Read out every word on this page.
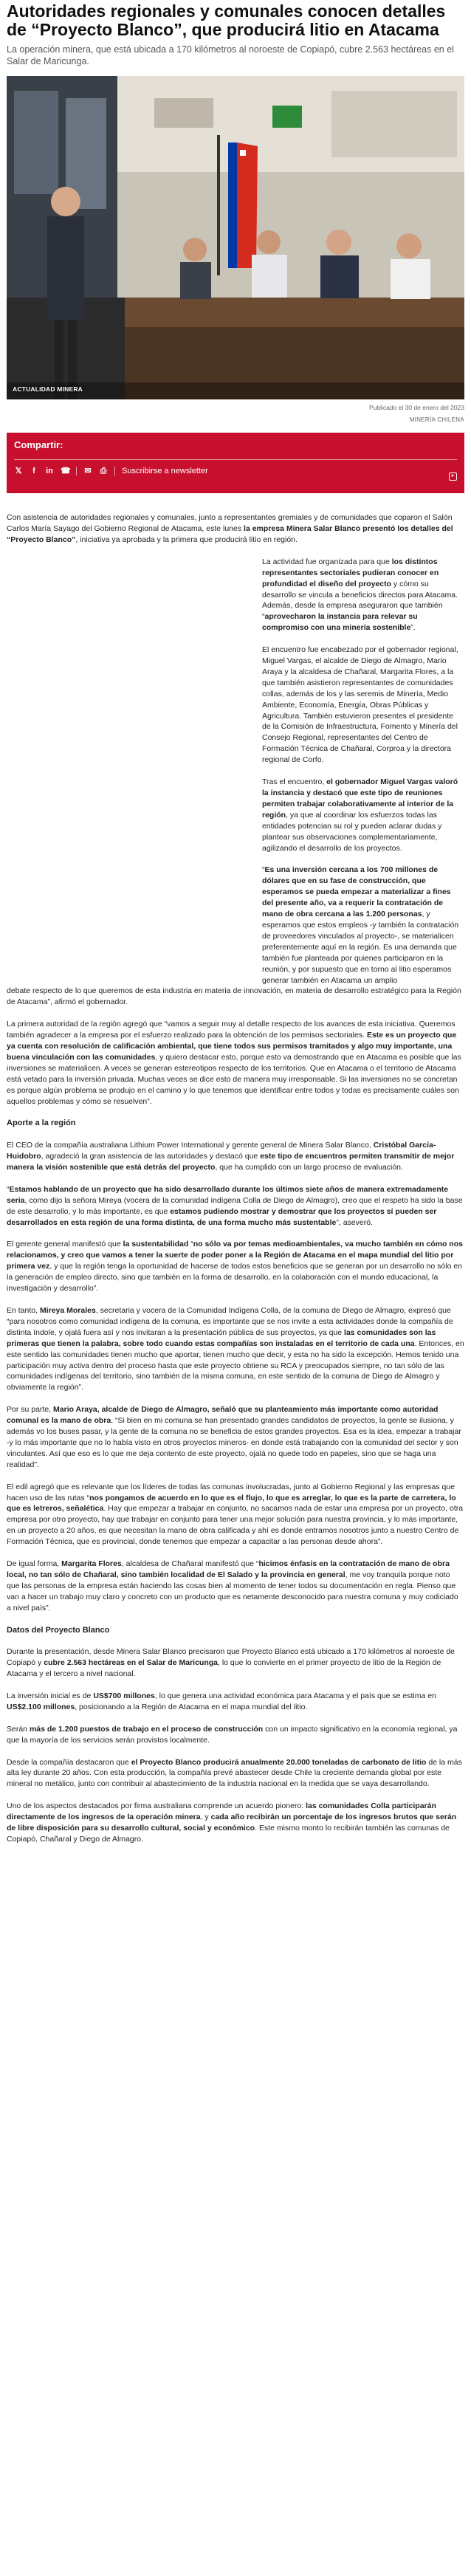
Autoridades regionales y comunales conocen detalles de “Proyecto Blanco”, que producirá litio en Atacama

La operación minera, que está ubicada a 170 kilómetros al noroeste de Copiapó, cubre 2.563 hectáreas en el Salar de Maricunga.

ACTUALIDAD MINERA
Publicado el 30 de enero del 2023
MINERÍA CHILENA
Compartir:
𝕏	f	in ☎ ✉ ⎙ Suscribirse a newsletter
▸

Con asistencia de autoridades regionales y comunales, junto a representantes gremiales y de comunidades que coparon el Salón Carlos María Sayago del Gobierno Regional de Atacama, este lunes la empresa Minera Salar Blanco presentó los detalles del “Proyecto Blanco”, iniciativa ya aprobada y la primera que producirá litio en región.

La actividad fue organizada para que los distintos representantes sectoriales pudieran conocer en profundidad el diseño del proyecto y cómo su desarrollo se vincula a beneficios directos para Atacama. Además, desde la empresa aseguraron que también “aprovecharon la instancia para relevar su compromiso con una minería sostenible”.

El encuentro fue encabezado por el gobernador regional, Miguel Vargas, el alcalde de Diego de Almagro, Mario Araya y la alcaldesa de Chañaral, Margarita Flores, a la que también asistieron representantes de comunidades collas, además de los y las seremis de Minería, Medio Ambiente, Economía, Energía, Obras Públicas y Agricultura. También estuvieron presentes el presidente de la Comisión de Infraestructura, Fomento y Minería del Consejo Regional, representantes del Centro de Formación Técnica de Chañaral, Corproa y la directora regional de Corfo.

Tras el encuentro, el gobernador Miguel Vargas valoró la instancia y destacó que este tipo de reuniones permiten trabajar colaborativamente al interior de la región, ya que al coordinar los esfuerzos todas las entidades potencian su rol y pueden aclarar dudas y plantear sus observaciones complementariamente, agilizando el desarrollo de los proyectos.

“Es una inversión cercana a los 700 millones de dólares que en su fase de construcción, que esperamos se pueda empezar a materializar a fines del presente año, va a requerir la contratación de mano de obra cercana a las 1.200 personas, y esperamos que estos empleos -y también la contratación de proveedores vinculados al proyecto-, se materialicen preferentemente aquí en la región. Es una demanda que también fue planteada por quienes participaron en la reunión, y por supuesto que en torno al litio esperamos generar también en Atacama un amplio

debate respecto de lo que queremos de esta industria en materia de innovación, en materia de desarrollo estratégico para la Región de Atacama”, afirmó el gobernador.

La primera autoridad de la región agregó que “vamos a seguir muy al detalle respecto de los avances de esta iniciativa. Queremos también agradecer a la empresa por el esfuerzo realizado para la obtención de los permisos sectoriales. Este es un proyecto que ya cuenta con resolución de calificación ambiental, que tiene todos sus permisos tramitados y algo muy importante, una buena vinculación con las comunidades, y quiero destacar esto, porque esto va demostrando que en Atacama es posible que las inversiones se materialicen. A veces se generan estereotipos respecto de los territorios. Que en Atacama o el territorio de Atacama está vetado para la inversión privada. Muchas veces se dice esto de manera muy irresponsable. Si las inversiones no se concretan es porque algún problema se produjo en el camino y lo que tenemos que identificar entre todos y todas es precisamente cuáles son aquellos problemas y cómo se resuelven”.

Aporte a la región

El CEO de la compañía australiana Lithium Power International y gerente general de Minera Salar Blanco, Cristóbal García-Huidobro, agradeció la gran asistencia de las autoridades y destacó que este tipo de encuentros permiten transmitir de mejor manera la visión sostenible que está detrás del proyecto, que ha cumplido con un largo proceso de evaluación.

“Estamos hablando de un proyecto que ha sido desarrollado durante los últimos siete años de manera extremadamente seria, como dijo la señora Mireya (vocera de la comunidad indígena Colla de Diego de Almagro), creo que el respeto ha sido la base de este desarrollo, y lo más importante, es que estamos pudiendo mostrar y demostrar que los proyectos sí pueden ser desarrollados en esta región de una forma distinta, de una forma mucho más sustentable”, aseveró.

El gerente general manifestó que la sustentabilidad “no sólo va por temas medioambientales, va mucho también en cómo nos relacionamos, y creo que vamos a tener la suerte de poder poner a la Región de Atacama en el mapa mundial del litio por primera vez, y que la región tenga la oportunidad de hacerse de todos estos beneficios que se generan por un desarrollo no sólo en la generación de empleo directo, sino que también en la forma de desarrollo, en la colaboración con el mundo educacional, la investigación y desarrollo”.

En tanto, Mireya Morales, secretaria y vocera de la Comunidad Indígena Colla, de la comuna de Diego de Almagro, expresó que “para nosotros como comunidad indígena de la comuna, es importante que se nos invite a esta actividades donde la compañía de distinta índole, y ojalá fuera así y nos invitaran a la presentación pública de sus proyectos, ya que las comunidades son las primeras que tienen la palabra, sobre todo cuando estas compañías son instaladas en el territorio de cada una. Entonces, en este sentido las comunidades tienen mucho que aportar, tienen mucho que decir, y esta no ha sido la excepción. Hemos tenido una participación muy activa dentro del proceso hasta que este proyecto obtiene su RCA y preocupados siempre, no tan sólo de las comunidades indígenas del territorio, sino también de la misma comuna, en este sentido de la comuna de Diego de Almagro y obviamente la región”.

Por su parte, Mario Araya, alcalde de Diego de Almagro, señaló que su planteamiento más importante como autoridad comunal es la mano de obra. “Si bien en mi comuna se han presentado grandes candidatos de proyectos, la gente se ilusiona, y además vo los buses pasar, y la gente de la comuna no se beneficia de estos grandes proyectos. Esa es la idea, empezar a trabajar -y lo más importante que no lo había visto en otros proyectos mineros- en donde está trabajando con la comunidad del sector y son vinculantes. Así que eso es lo que me deja contento de este proyecto, ojalá no quede todo en papeles, sino que se haga una realidad”.

El edil agregó que es relevante que los líderes de todas las comunas involucradas, junto al Gobierno Regional y las empresas que hacen uso de las rutas “nos pongamos de acuerdo en lo que es el flujo, lo que es arreglar, lo que es la parte de carretera, lo que es letreros, señalética. Hay que empezar a trabajar en conjunto, no sacamos nada de estar una empresa por un proyecto, otra empresa por otro proyecto, hay que trabajar en conjunto para tener una mejor solución para nuestra provincia, y lo más importante, en un proyecto a 20 años, es que necesitan la mano de obra calificada y ahí es donde entramos nosotros junto a nuestro Centro de Formación Técnica, que es provincial, donde tenemos que empezar a capacitar a las personas desde ahora”.

De igual forma, Margarita Flores, alcaldesa de Chañaral manifestó que “hicimos énfasis en la contratación de mano de obra local, no tan sólo de Chañaral, sino también localidad de El Salado y la provincia en general, me voy tranquila porque noto que las personas de la empresa están haciendo las cosas bien al momento de tener todos su documentación en regla. Pienso que van a hacer un trabajo muy claro y concreto con un producto que es netamente desconocido para nuestra comuna y muy codiciado a nivel país”.

Datos del Proyecto Blanco

Durante la presentación, desde Minera Salar Blanco precisaron que Proyecto Blanco está ubicado a 170 kilómetros al noroeste de Copiapó y cubre 2.563 hectáreas en el Salar de Maricunga, lo que lo convierte en el primer proyecto de litio de la Región de Atacama y el tercero a nivel nacional.

La inversión inicial es de US$700 millones, lo que genera una actividad económica para Atacama y el país que se estima en US$2.100 millones, posicionando a la Región de Atacama en el mapa mundial del litio.

Serán más de 1.200 puestos de trabajo en el proceso de construcción con un impacto significativo en la economía regional, ya que la mayoría de los servicios serán provistos localmente.

Desde la compañía destacaron que el Proyecto Blanco producirá anualmente 20.000 toneladas de carbonato de litio de la más alta ley durante 20 años. Con esta producción, la compañía prevé abastecer desde Chile la creciente demanda global por este mineral no metálico, junto con contribuir al abastecimiento de la industria nacional en la medida que se vaya desarrollando.

Uno de los aspectos destacados por firma australiana comprende un acuerdo pionero: las comunidades Colla participarán directamente de los ingresos de la operación minera, y cada año recibirán un porcentaje de los ingresos brutos que serán de libre disposición para su desarrollo cultural, social y económico. Este mismo monto lo recibirán también las comunas de Copiapó, Chañaral y Diego de Almagro.
